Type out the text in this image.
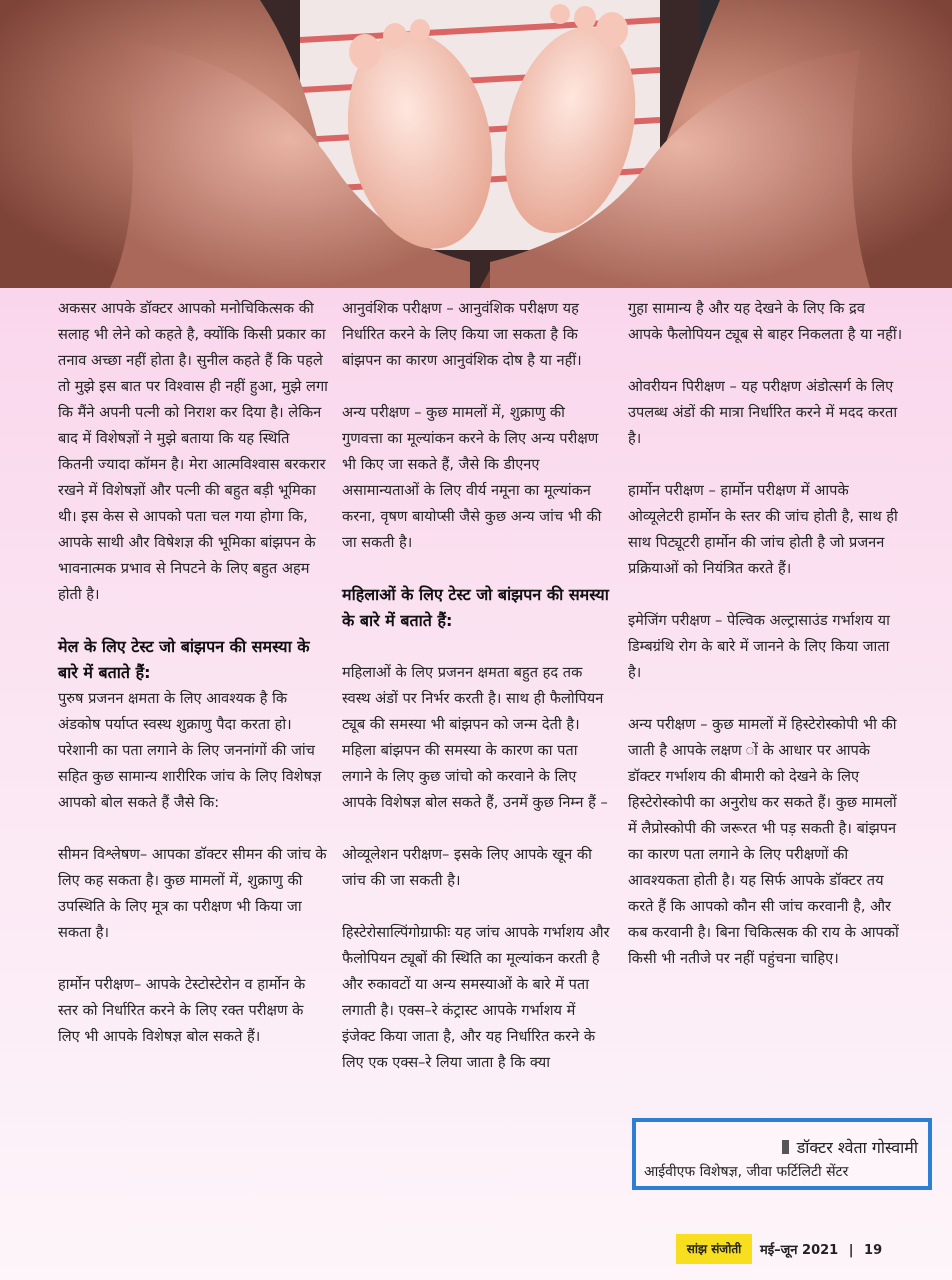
अकसर आपके डॉक्टर आपको मनोचिकित्सक की सलाह भी लेने को कहते है, क्योंकि किसी प्रकार का तनाव अच्छा नहीं होता है। सुनील कहते हैं कि पहले तो मुझे इस बात पर विश्वास ही नहीं हुआ, मुझे लगा कि मैंने अपनी पत्नी को निराश कर दिया है। लेकिन बाद में विशेषज्ञों ने मुझे बताया कि यह स्थिति कितनी ज्यादा कॉमन है। मेरा आत्मविश्वास बरकरार रखने में विशेषज्ञों और पत्नी की बहुत बड़ी भूमिका थी। इस केस से आपको पता चल गया होगा कि, आपके साथी और विषेशज्ञ की भूमिका बांझपन के भावनात्मक प्रभाव से निपटने के लिए बहुत अहम होती है।

मेल के लिए टेस्ट जो बांझपन की समस्या के बारे में बताते हैं:

पुरुष प्रजनन क्षमता के लिए आवश्यक है कि अंडकोष पर्याप्त स्वस्थ शुक्राणु पैदा करता हो। परेशानी का पता लगाने के लिए जननांगों की जांच सहित कुछ सामान्य शारीरिक जांच के लिए विशेषज्ञ आपको बोल सकते हैं जैसे कि:

सीमन विश्लेषण– आपका डॉक्टर सीमन की जांच के लिए कह सकता है। कुछ मामलों में, शुक्राणु की उपस्थिति के लिए मूत्र का परीक्षण भी किया जा सकता है।

हार्मोन परीक्षण– आपके टेस्टोस्टेरोन व हार्मोन के स्तर को निर्धारित करने के लिए रक्त परीक्षण के लिए भी आपके विशेषज्ञ बोल सकते हैं।

आनुवंशिक परीक्षण – आनुवंशिक परीक्षण यह निर्धारित करने के लिए किया जा सकता है कि बांझपन का कारण आनुवंशिक दोष है या नहीं।

अन्य परीक्षण – कुछ मामलों में, शुक्राणु की गुणवत्ता का मूल्यांकन करने के लिए अन्य परीक्षण भी किए जा सकते हैं, जैसे कि डीएनए असामान्यताओं के लिए वीर्य नमूना का मूल्यांकन करना, वृषण बायोप्सी जैसे कुछ अन्य जांच भी की जा सकती है।

महिलाओं के लिए टेस्ट जो बांझपन की समस्या के बारे में बताते हैं:

महिलाओं के लिए प्रजनन क्षमता बहुत हद तक स्वस्थ अंडों पर निर्भर करती है। साथ ही फैलोपियन ट्यूब की समस्या भी बांझपन को जन्म देती है। महिला बांझपन की समस्या के कारण का पता लगाने के लिए कुछ जांचो को करवाने के लिए आपके विशेषज्ञ बोल सकते हैं, उनमें कुछ निम्न हैं –

ओव्यूलेशन परीक्षण– इसके लिए आपके खून की जांच की जा सकती है।

हिस्टेरोसाल्पिंगोग्राफीः यह जांच आपके गर्भाशय और फैलोपियन ट्यूबों की स्थिति का मूल्यांकन करती है और रुकावटों या अन्य समस्याओं के बारे में पता लगाती है। एक्स–रे कंट्रास्ट आपके गर्भाशय में इंजेक्ट किया जाता है, और यह निर्धारित करने के लिए एक एक्स–रे लिया जाता है कि क्या

गुहा सामान्य है और यह देखने के लिए कि द्रव आपके फैलोपियन ट्यूब से बाहर निकलता है या नहीं।

ओवरीयन पिरीक्षण – यह परीक्षण अंडोत्सर्ग के लिए उपलब्ध अंडों की मात्रा निर्धारित करने में मदद करता है।

हार्मोन परीक्षण – हार्मोन परीक्षण में आपके ओव्यूलेटरी हार्मोन के स्तर की जांच होती है, साथ ही साथ पिट्यूटरी हार्मोन की जांच होती है जो प्रजनन प्रक्रियाओं को नियंत्रित करते हैं।

इमेजिंग परीक्षण – पेल्विक अल्ट्रासाउंड गर्भाशय या डिम्बग्रंथि रोग के बारे में जानने के लिए किया जाता है।

अन्य परीक्षण – कुछ मामलों में हिस्टेरोस्कोपी भी की जाती है आपके लक्षण ों के आधार पर आपके डॉक्टर गर्भाशय की बीमारी को देखने के लिए हिस्टेरोस्कोपी का अनुरोध कर सकते हैं। कुछ मामलों में लैप्रोस्कोपी की जरूरत भी पड़ सकती है। बांझपन का कारण पता लगाने के लिए परीक्षणों की आवश्यकता होती है। यह सिर्फ आपके डॉक्टर तय करते हैं कि आपको कौन सी जांच करवानी है, और कब करवानी है। बिना चिकित्सक की राय के आपकों किसी भी नतीजे पर नहीं पहुंचना चाहिए।

डॉक्टर श्वेता गोस्वामी
आईवीएफ विशेषज्ञ, जीवा फर्टिलिटी सेंटर
सांझ संजोती	मई–जून 2021 | 19
